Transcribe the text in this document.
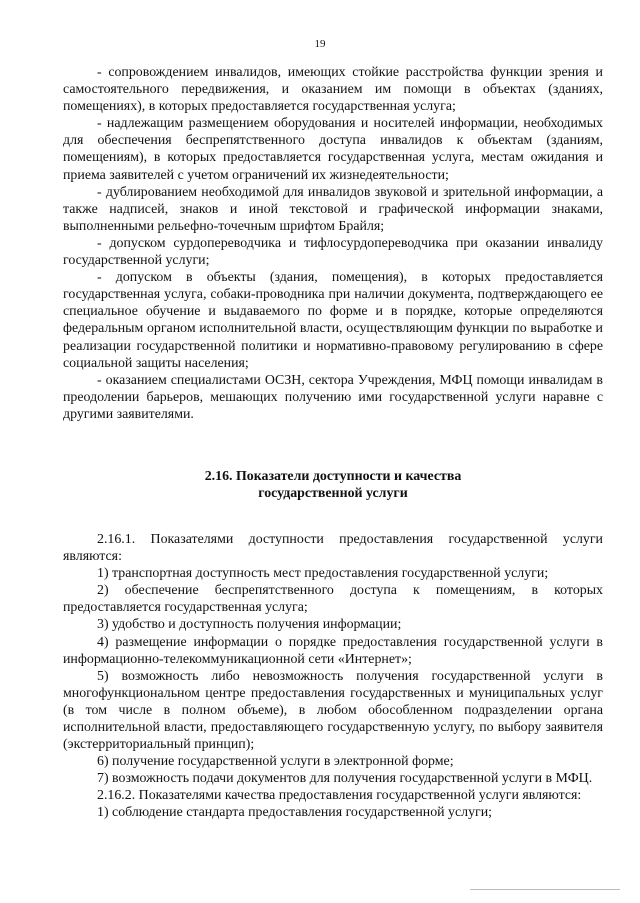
19

- сопровождением инвалидов, имеющих стойкие расстройства функции зрения и самостоятельного передвижения, и оказанием им помощи в объектах (зданиях, помещениях), в которых предоставляется государственная услуга;

- надлежащим размещением оборудования и носителей информации, необходимых для обеспечения беспрепятственного доступа инвалидов к объектам (зданиям, помещениям), в которых предоставляется государственная услуга, местам ожидания и приема заявителей с учетом ограничений их жизнедеятельности;

- дублированием необходимой для инвалидов звуковой и зрительной информации, а также надписей, знаков и иной текстовой и графической информации знаками, выполненными рельефно-точечным шрифтом Брайля;

- допуском сурдопереводчика и тифлосурдопереводчика при оказании инвалиду государственной услуги;

- допуском в объекты (здания, помещения), в которых предоставляется государственная услуга, собаки-проводника при наличии документа, подтверждающего ее специальное обучение и выдаваемого по форме и в порядке, которые определяются федеральным органом исполнительной власти, осуществляющим функции по выработке и реализации государственной политики и нормативно-правовому регулированию в сфере социальной защиты населения;

- оказанием специалистами ОСЗН, сектора Учреждения, МФЦ помощи инвалидам в преодолении барьеров, мешающих получению ими государственной услуги наравне с другими заявителями.

2.16. Показатели доступности и качества

государственной услуги

2.16.1. Показателями доступности предоставления государственной услуги являются:

1) транспортная доступность мест предоставления государственной услуги;

2) обеспечение беспрепятственного доступа к помещениям, в которых предоставляется государственная услуга;

3) удобство и доступность получения информации;

4) размещение информации о порядке предоставления государственной услуги в информационно-телекоммуникационной сети «Интернет»;

5) возможность либо невозможность получения государственной услуги в многофункциональном центре предоставления государственных и муниципальных услуг (в том числе в полном объеме), в любом обособленном подразделении органа исполнительной власти, предоставляющего государственную услугу, по выбору заявителя (экстерриториальный принцип);

6) получение государственной услуги в электронной форме;

7) возможность подачи документов для получения государственной услуги в МФЦ.

2.16.2. Показателями качества предоставления государственной услуги являются:

1) соблюдение стандарта предоставления государственной услуги;
